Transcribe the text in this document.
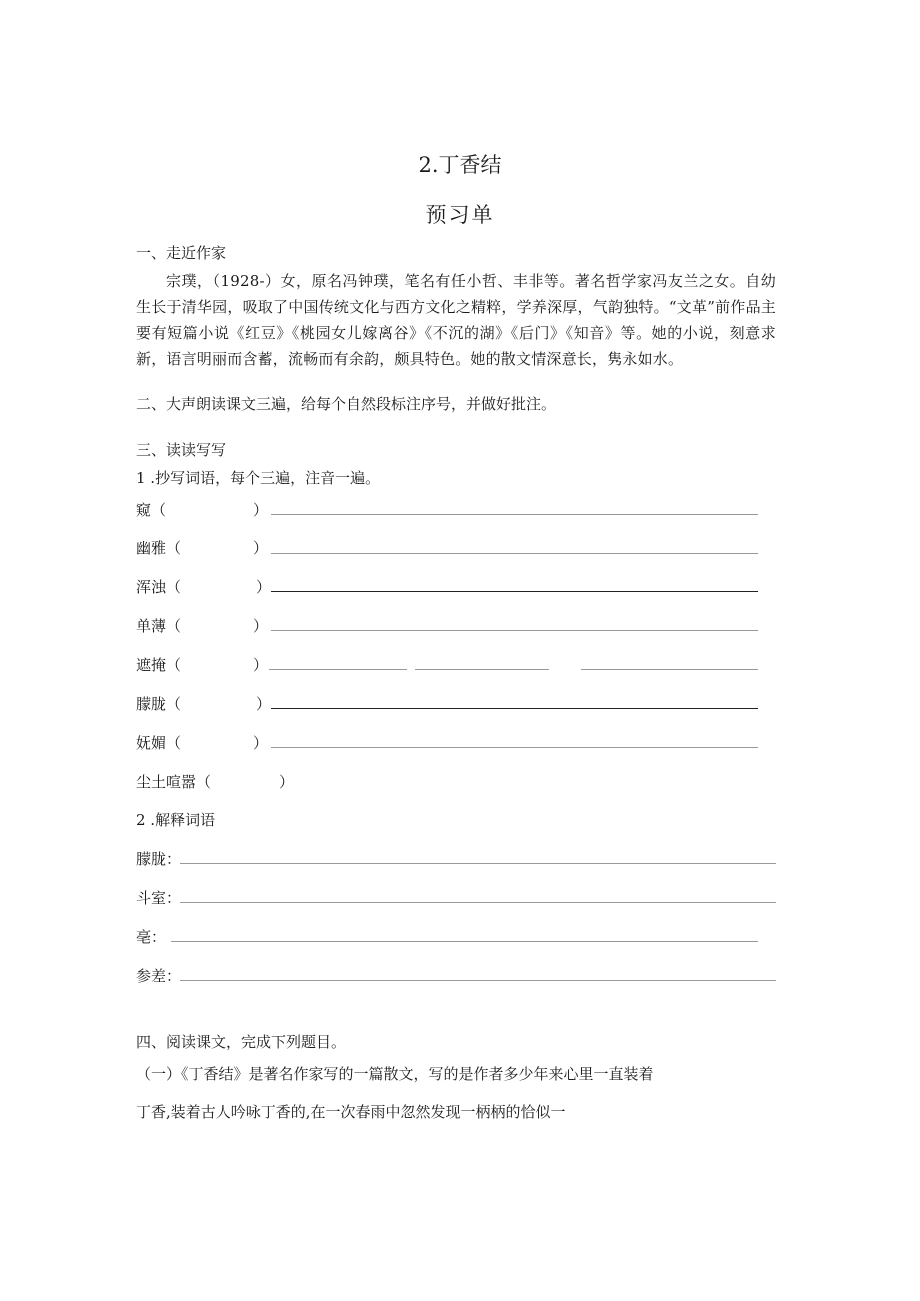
2.丁香结
预习单
一、走近作家
宗璞，（1928-）女，原名冯钟璞，笔名有任小哲、丰非等。著名哲学家冯友兰之女。自幼生长于清华园，吸取了中国传统文化与西方文化之精粹，学养深厚，气韵独特。“文革”前作品主要有短篇小说《红豆》《桃园女儿嫁离谷》《不沉的湖》《后门》《知音》等。她的小说，刻意求新，语言明丽而含蓄，流畅而有余韵，颇具特色。她的散文情深意长，隽永如水。
二、大声朗读课文三遍，给每个自然段标注序号，并做好批注。
三、读读写写
1 .抄写词语，每个三遍，注音一遍。
窥（	）
幽雅（	）
浑浊（	）
单薄（	）
遮掩（	）
朦胧（	）
妩媚（	）
尘土喧嚣（	）
2 .解释词语
朦胧：
斗室：
亳：
参差：
四、阅读课文，完成下列题目。
（一）《丁香结》是著名作家写的一篇散文，写的是作者多少年来心里一直装着
丁香,装着古人吟咏丁香的,在一次春雨中忽然发现一柄柄的恰似一
